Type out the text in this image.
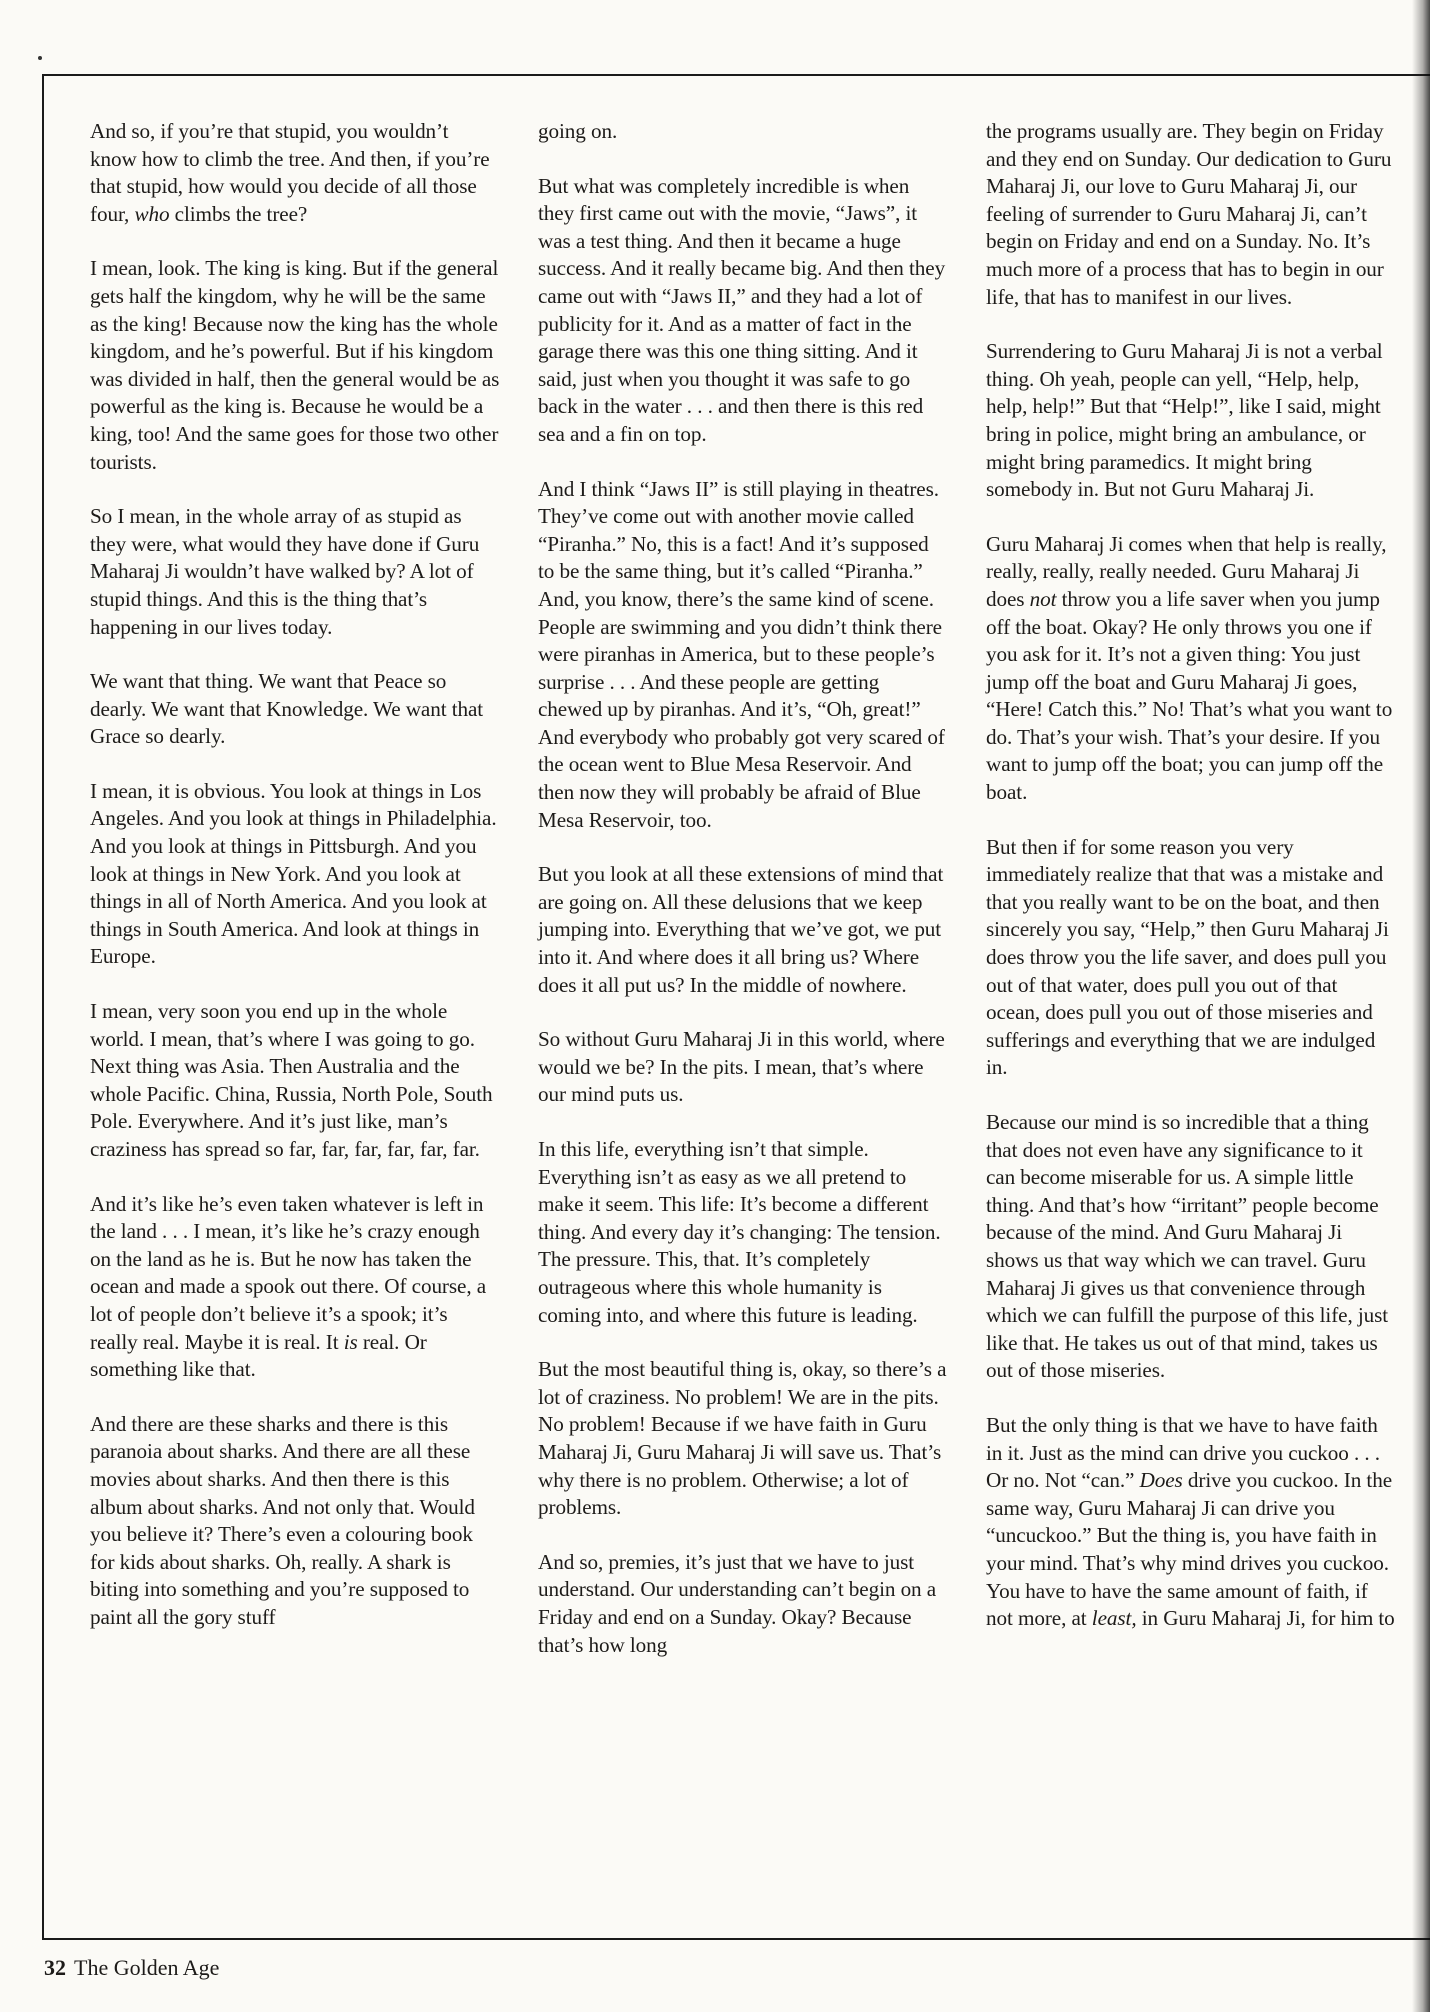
And so, if you’re that stupid, you wouldn’t know how to climb the tree. And then, if you’re that stupid, how would you decide of all those four, who climbs the tree?

I mean, look. The king is king. But if the general gets half the kingdom, why he will be the same as the king! Because now the king has the whole kingdom, and he’s powerful. But if his kingdom was divided in half, then the general would be as powerful as the king is. Because he would be a king, too! And the same goes for those two other tourists.

So I mean, in the whole array of as stupid as they were, what would they have done if Guru Maharaj Ji wouldn’t have walked by? A lot of stupid things. And this is the thing that’s happening in our lives today.

We want that thing. We want that Peace so dearly. We want that Knowledge. We want that Grace so dearly.

I mean, it is obvious. You look at things in Los Angeles. And you look at things in Philadelphia. And you look at things in Pittsburgh. And you look at things in New York. And you look at things in all of North America. And you look at things in South America. And look at things in Europe.

I mean, very soon you end up in the whole world. I mean, that’s where I was going to go. Next thing was Asia. Then Australia and the whole Pacific. China, Russia, North Pole, South Pole. Everywhere. And it’s just like, man’s craziness has spread so far, far, far, far, far, far.

And it’s like he’s even taken whatever is left in the land . . . I mean, it’s like he’s crazy enough on the land as he is. But he now has taken the ocean and made a spook out there. Of course, a lot of people don’t believe it’s a spook; it’s really real. Maybe it is real. It is real. Or something like that.

And there are these sharks and there is this paranoia about sharks. And there are all these movies about sharks. And then there is this album about sharks. And not only that. Would you believe it? There’s even a colouring book for kids about sharks. Oh, really. A shark is biting into something and you’re supposed to paint all the gory stuff

going on.

But what was completely incredible is when they first came out with the movie, “Jaws”, it was a test thing. And then it became a huge success. And it really became big. And then they came out with “Jaws II,” and they had a lot of publicity for it. And as a matter of fact in the garage there was this one thing sitting. And it said, just when you thought it was safe to go back in the water . . . and then there is this red sea and a fin on top.

And I think “Jaws II” is still playing in theatres. They’ve come out with another movie called “Piranha.” No, this is a fact! And it’s supposed to be the same thing, but it’s called “Piranha.” And, you know, there’s the same kind of scene. People are swimming and you didn’t think there were piranhas in America, but to these people’s surprise . . . And these people are getting chewed up by piranhas. And it’s, “Oh, great!” And everybody who probably got very scared of the ocean went to Blue Mesa Reservoir. And then now they will probably be afraid of Blue Mesa Reservoir, too.

But you look at all these extensions of mind that are going on. All these delusions that we keep jumping into. Everything that we’ve got, we put into it. And where does it all bring us? Where does it all put us? In the middle of nowhere.

So without Guru Maharaj Ji in this world, where would we be? In the pits. I mean, that’s where our mind puts us.

In this life, everything isn’t that simple. Everything isn’t as easy as we all pretend to make it seem. This life: It’s become a different thing. And every day it’s changing: The tension. The pressure. This, that. It’s completely outrageous where this whole humanity is coming into, and where this future is leading.

But the most beautiful thing is, okay, so there’s a lot of craziness. No problem! We are in the pits. No problem! Because if we have faith in Guru Maharaj Ji, Guru Maharaj Ji will save us. That’s why there is no problem. Otherwise; a lot of problems.

And so, premies, it’s just that we have to just understand. Our understanding can’t begin on a Friday and end on a Sunday. Okay? Because that’s how long

the programs usually are. They begin on Friday and they end on Sunday. Our dedication to Guru Maharaj Ji, our love to Guru Maharaj Ji, our feeling of surrender to Guru Maharaj Ji, can’t begin on Friday and end on a Sunday. No. It’s much more of a process that has to begin in our life, that has to manifest in our lives.

Surrendering to Guru Maharaj Ji is not a verbal thing. Oh yeah, people can yell, “Help, help, help, help!” But that “Help!”, like I said, might bring in police, might bring an ambulance, or might bring paramedics. It might bring somebody in. But not Guru Maharaj Ji.

Guru Maharaj Ji comes when that help is really, really, really, really needed. Guru Maharaj Ji does not throw you a life saver when you jump off the boat. Okay? He only throws you one if you ask for it. It’s not a given thing: You just jump off the boat and Guru Maharaj Ji goes, “Here! Catch this.” No! That’s what you want to do. That’s your wish. That’s your desire. If you want to jump off the boat; you can jump off the boat.

But then if for some reason you very immediately realize that that was a mistake and that you really want to be on the boat, and then sincerely you say, “Help,” then Guru Maharaj Ji does throw you the life saver, and does pull you out of that water, does pull you out of that ocean, does pull you out of those miseries and sufferings and everything that we are indulged in.

Because our mind is so incredible that a thing that does not even have any significance to it can become miserable for us. A simple little thing. And that’s how “irritant” people become because of the mind. And Guru Maharaj Ji shows us that way which we can travel. Guru Maharaj Ji gives us that convenience through which we can fulfill the purpose of this life, just like that. He takes us out of that mind, takes us out of those miseries.

But the only thing is that we have to have faith in it. Just as the mind can drive you cuckoo . . . Or no. Not “can.” Does drive you cuckoo. In the same way, Guru Maharaj Ji can drive you “uncuckoo.” But the thing is, you have faith in your mind. That’s why mind drives you cuckoo. You have to have the same amount of faith, if not more, at least, in Guru Maharaj Ji, for him to

32 The Golden Age
